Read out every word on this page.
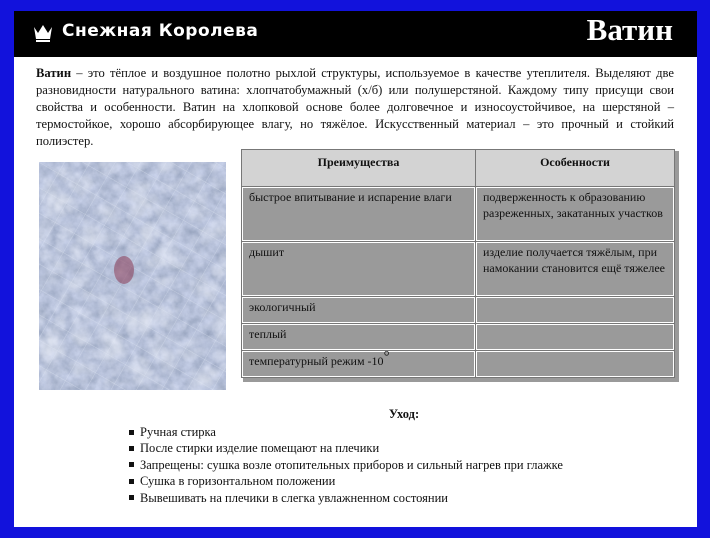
Снежная Королева	Ватин
Ватин – это тёплое и воздушное полотно рыхлой структуры, используемое в качестве утеплителя. Выделяют две разновидности натурального ватина: хлопчатобумажный (х/б) или полушерстяной. Каждому типу присущи свои свойства и особенности. Ватин на хлопковой основе более долговечное и износоустойчивое, на шерстяной – термостойкое, хорошо абсорбирующее влагу, но тяжёлое. Искусственный материал – это прочный и стойкий полиэстер.
Преимущества	Особенности
быстрое впитывание и испарение влаги	подверженность к образованию разреженных, закатанных участков
дышит	изделие получается тяжёлым, при намокании становится ещё тяжелее
экологичный	
теплый	
температурный режим -10°	
Уход:
Ручная стирка
После стирки изделие помещают на плечики
Запрещены: сушка возле отопительных приборов и сильный нагрев при глажке
Сушка в горизонтальном положении
Вывешивать на плечики в слегка увлажненном состоянии
